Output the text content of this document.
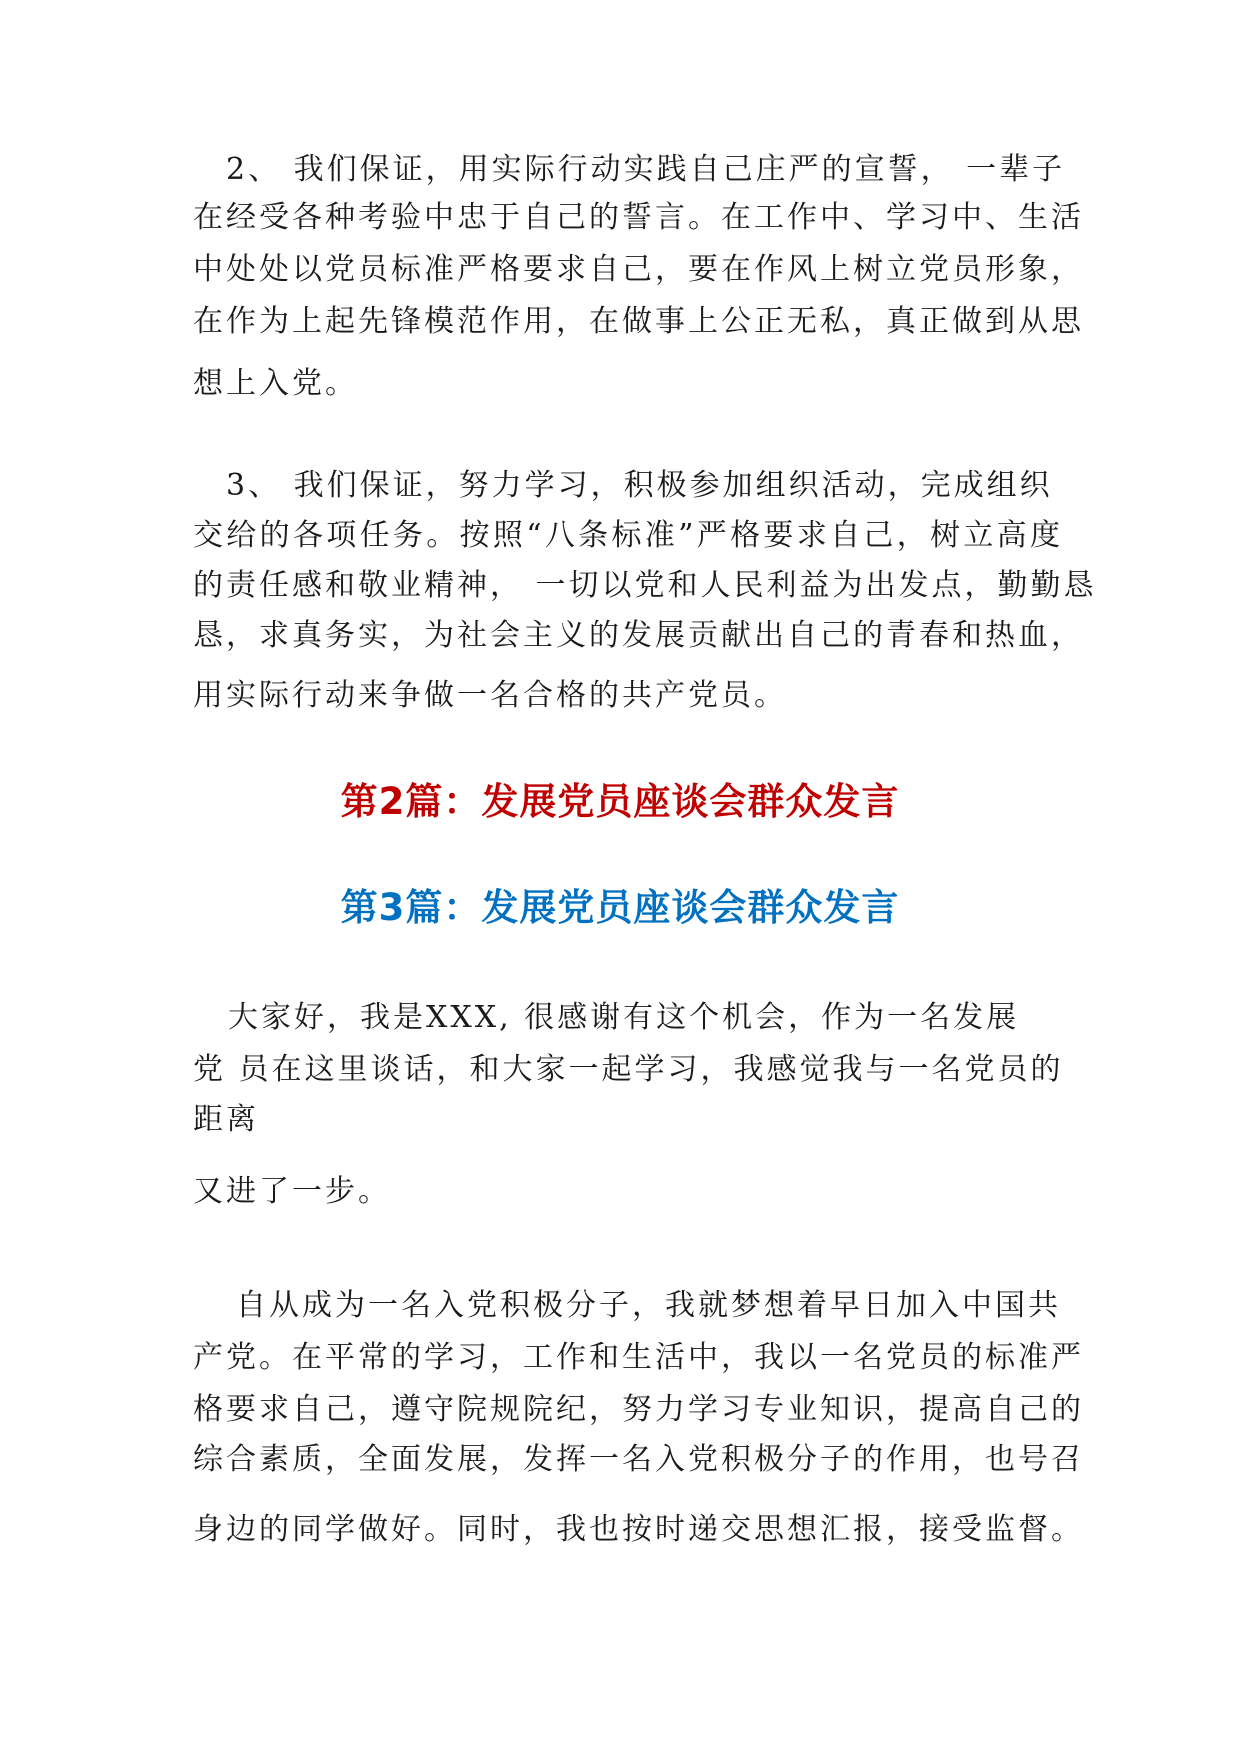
2、 我们保证，用实际行动实践自己庄严的宣誓， 一辈子
在经受各种考验中忠于自己的誓言。在工作中、学习中、生活
中处处以党员标准严格要求自己，要在作风上树立党员形象，
在作为上起先锋模范作用，在做事上公正无私，真正做到从思
想上入党。
3、 我们保证，努力学习，积极参加组织活动，完成组织
交给的各项任务。按照“八条标准”严格要求自己，树立高度
的责任感和敬业精神， 一切以党和人民利益为出发点，勤勤恳
恳，求真务实，为社会主义的发展贡献出自己的青春和热血，
用实际行动来争做一名合格的共产党员。
第2篇：发展党员座谈会群众发言
第3篇：发展党员座谈会群众发言
大家好，我是XXX, 很感谢有这个机会，作为一名发展
党 员在这里谈话，和大家一起学习，我感觉我与一名党员的
距离
又进了一步。
自从成为一名入党积极分子，我就梦想着早日加入中国共
产党。在平常的学习，工作和生活中，我以一名党员的标准严
格要求自己，遵守院规院纪，努力学习专业知识，提高自己的
综合素质，全面发展，发挥一名入党积极分子的作用，也号召
身边的同学做好。同时，我也按时递交思想汇报，接受监督。
